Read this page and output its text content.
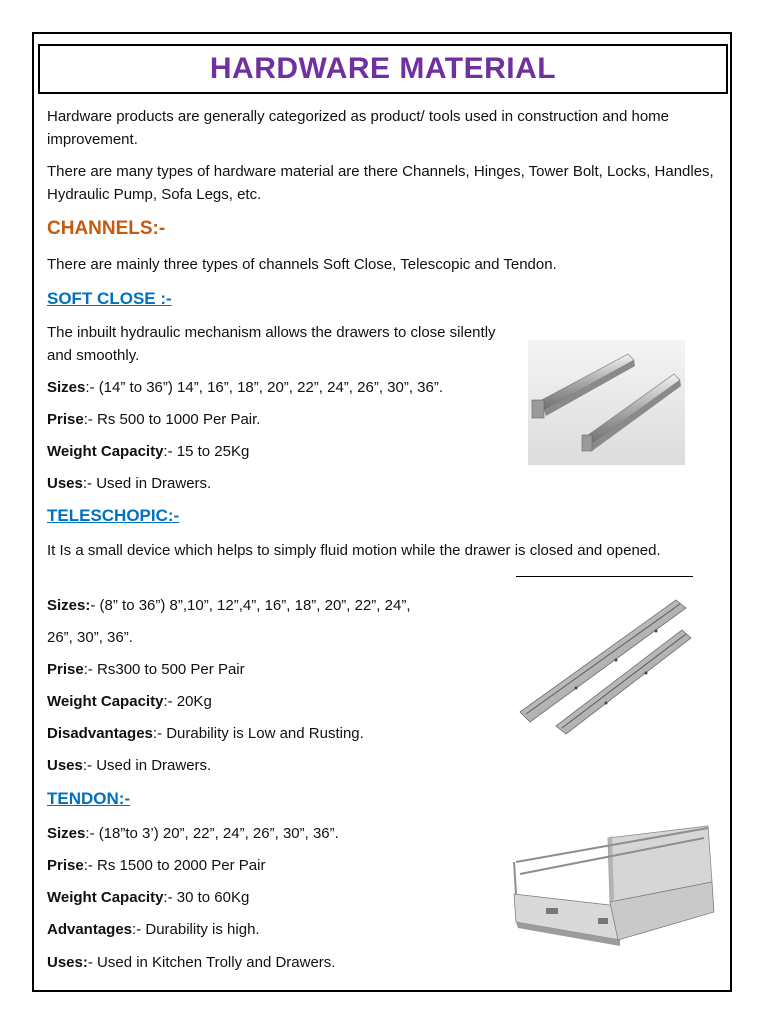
HARDWARE MATERIAL

Hardware products are generally categorized as product/ tools used in construction and home improvement.

There are many types of hardware material are there Channels, Hinges, Tower Bolt, Locks, Handles, Hydraulic Pump, Sofa Legs, etc.

CHANNELS:-

There are mainly three types of channels Soft Close, Telescopic and Tendon.

SOFT CLOSE :-

The inbuilt hydraulic mechanism allows the drawers to close silently and smoothly.

Sizes:- (14” to 36”) 14”, 16”, 18”, 20”, 22”, 24”, 26”, 30”, 36”.

Prise:- Rs 500 to 1000 Per Pair.

Weight Capacity:- 15 to 25Kg

Uses:- Used in Drawers.

TELESCHOPIC:-

It Is a small device which helps to simply fluid motion while the drawer is closed and opened.

Sizes:- (8” to 36”) 8”,10”, 12”,4”, 16”, 18”, 20”, 22”, 24”,

26”, 30”, 36”.

Prise:- Rs300 to 500 Per Pair

Weight Capacity:- 20Kg

Disadvantages:- Durability is Low and Rusting.

Uses:- Used in Drawers.

TENDON:-

Sizes:- (18”to 3’) 20”, 22”, 24”, 26”, 30”, 36”.

Prise:- Rs 1500 to 2000 Per Pair

Weight Capacity:- 30 to 60Kg

Advantages:- Durability is high.

Uses:- Used in Kitchen Trolly and Drawers.
